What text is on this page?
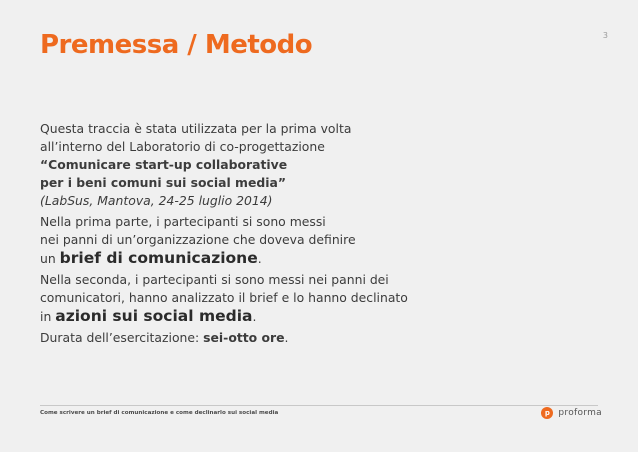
3
Premessa / Metodo

Questa traccia è stata utilizzata per la prima volta
all’interno del Laboratorio di co-progettazione
“Comunicare start-up collaborative
per i beni comuni sui social media”
(LabSus, Mantova, 24-25 luglio 2014)

Nella prima parte, i partecipanti si sono messi
nei panni di un’organizzazione che doveva definire
un brief di comunicazione.

Nella seconda, i partecipanti si sono messi nei panni dei
comunicatori, hanno analizzato il brief e lo hanno declinato
in azioni sui social media.

Durata dell’esercitazione: sei-otto ore.

Come scrivere un brief di comunicazione e come declinarlo sui social media	p proforma
